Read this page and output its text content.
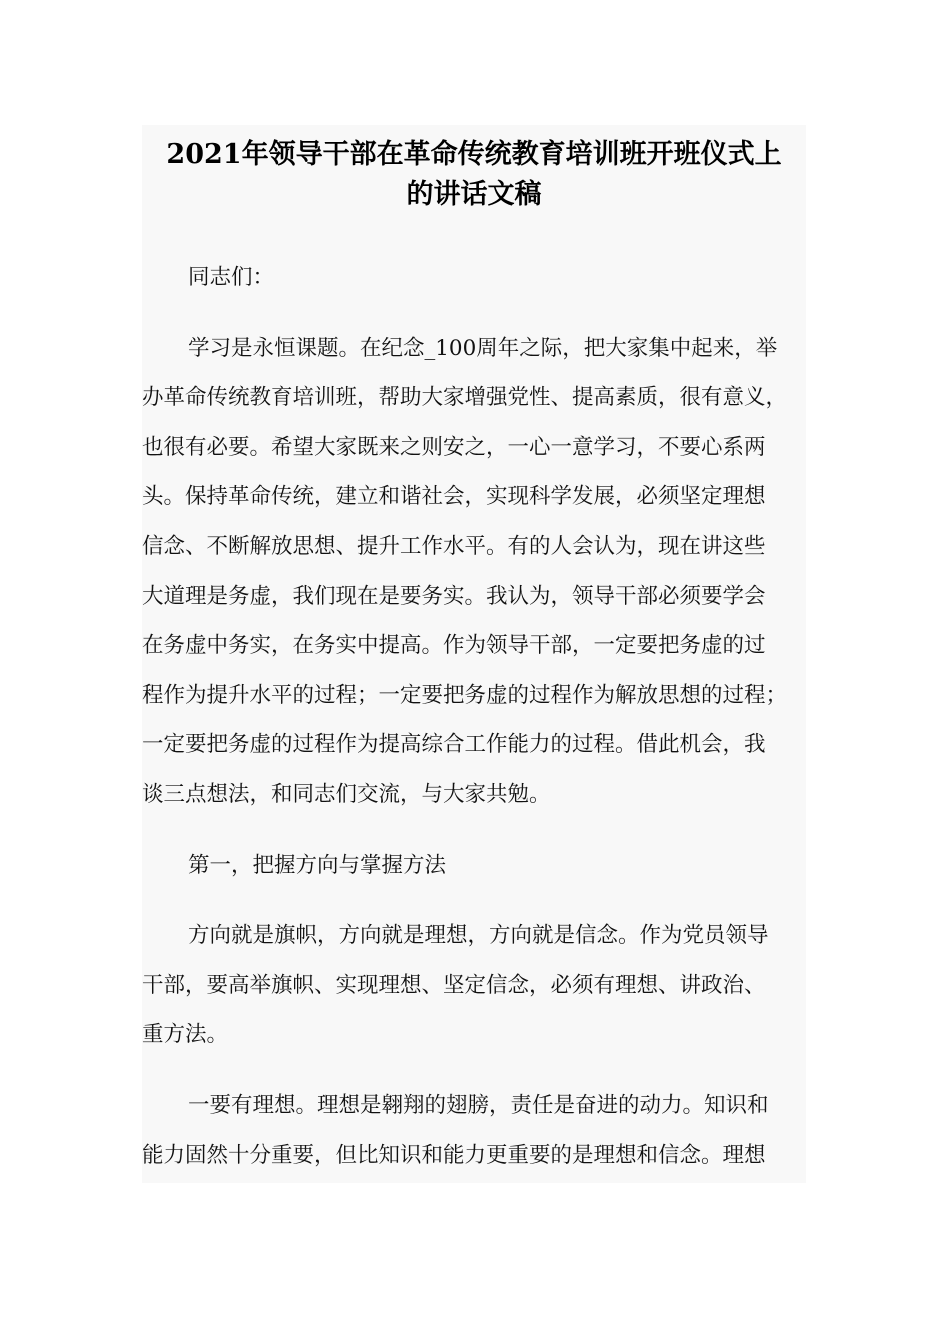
2021年领导干部在革命传统教育培训班开班仪式上
的讲话文稿

同志们：

学习是永恒课题。在纪念_100周年之际，把大家集中起来，举
办革命传统教育培训班，帮助大家增强党性、提高素质，很有意义，
也很有必要。希望大家既来之则安之，一心一意学习，不要心系两
头。保持革命传统，建立和谐社会，实现科学发展，必须坚定理想
信念、不断解放思想、提升工作水平。有的人会认为，现在讲这些
大道理是务虚，我们现在是要务实。我认为，领导干部必须要学会
在务虚中务实，在务实中提高。作为领导干部，一定要把务虚的过
程作为提升水平的过程；一定要把务虚的过程作为解放思想的过程；
一定要把务虚的过程作为提高综合工作能力的过程。借此机会，我
谈三点想法，和同志们交流，与大家共勉。
第一，把握方向与掌握方法
方向就是旗帜，方向就是理想，方向就是信念。作为党员领导
干部，要高举旗帜、实现理想、坚定信念，必须有理想、讲政治、
重方法。
一要有理想。理想是翱翔的翅膀，责任是奋进的动力。知识和
能力固然十分重要，但比知识和能力更重要的是理想和信念。理想
